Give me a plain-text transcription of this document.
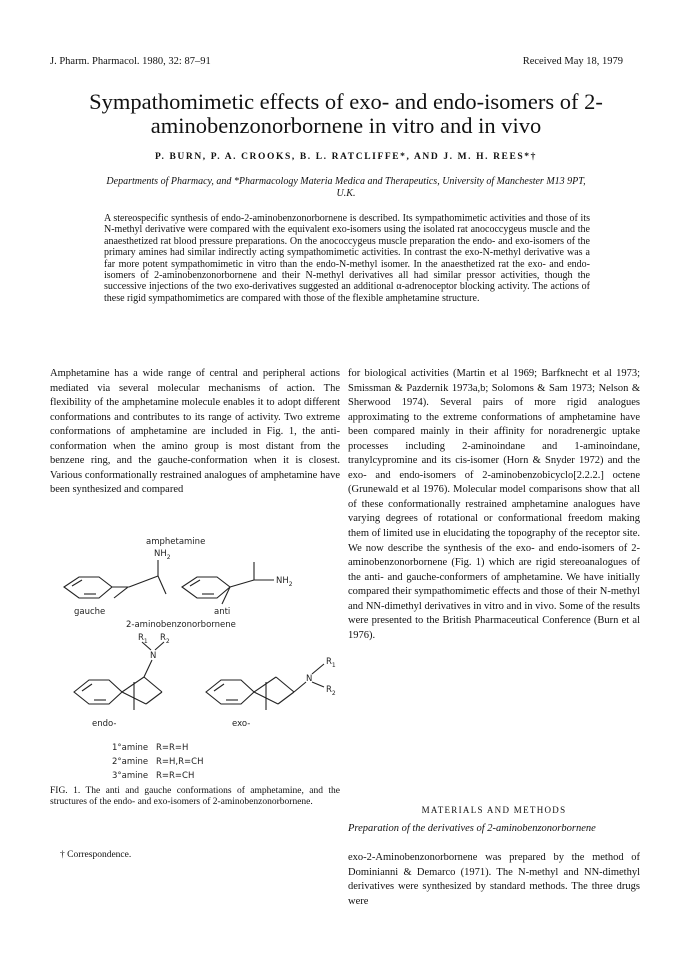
J. Pharm. Pharmacol. 1980, 32: 87–91	Received May 18, 1979
Sympathomimetic effects of exo- and endo-isomers of 2-aminobenzonorbornene in vitro and in vivo
P. BURN, P. A. CROOKS, B. L. RATCLIFFE*, AND J. M. H. REES*†
Departments of Pharmacy, and *Pharmacology Materia Medica and Therapeutics, University of Manchester M13 9PT, U.K.
A stereospecific synthesis of endo-2-aminobenzonorbornene is described. Its sympathomimetic activities and those of its N-methyl derivative were compared with the equivalent exo-isomers using the isolated rat anococcygeus muscle and the anaesthetized rat blood pressure preparations. On the anococcygeus muscle preparation the endo- and exo-isomers of the primary amines had similar indirectly acting sympathomimetic activities. In contrast the exo-N-methyl derivative was a far more potent sympathomimetic in vitro than the endo-N-methyl isomer. In the anaesthetized rat the exo- and endo-isomers of 2-aminobenzonorbornene and their N-methyl derivatives all had similar pressor activities, though the successive injections of the two exo-derivatives suggested an additional α-adrenoceptor blocking activity. The actions of these rigid sympathomimetics are compared with those of the flexible amphetamine structure.
Amphetamine has a wide range of central and peripheral actions mediated via several molecular mechanisms of action. The flexibility of the amphetamine molecule enables it to adopt different conformations and contributes to its range of activity. Two extreme conformations of amphetamine are included in Fig. 1, the anti-conformation when the amino group is most distant from the benzene ring, and the gauche-conformation when it is closest. Various conformationally restrained analogues of amphetamine have been synthesized and compared
for biological activities (Martin et al 1969; Barfknecht et al 1973; Smissman & Pazdernik 1973a,b; Solomons & Sam 1973; Nelson & Sherwood 1974). Several pairs of more rigid analogues approximating to the extreme conformations of amphetamine have been compared mainly in their affinity for noradrenergic uptake processes including 2-aminoindane and 1-aminoindane, tranylcypromine and its cis-isomer (Horn & Snyder 1972) and the exo- and endo-isomers of 2-aminobenzobicyclo[2.2.2.] octene (Grunewald et al 1976). Molecular model comparisons show that all of these conformationally restrained amphetamine analogues have varying degrees of rotational or conformational freedom making them of limited use in elucidating the topography of the receptor site. We now describe the synthesis of the exo- and endo-isomers of 2-aminobenzonorbornene (Fig. 1) which are rigid stereoanalogues of the anti- and gauche-conformers of amphetamine. We have initially compared their sympathomimetic effects and those of their N-methyl and NN-dimethyl derivatives in vitro and in vivo. Some of the results were presented to the British Pharmaceutical Conference (Burn et al 1976).
amphetamine
$NH_2$
gauche
$NH_2$
anti
2-aminobenzonorbornene
$R_1$ $R_2$
N
endo-
N
$R_1$
$R_2$
exo-
1°amine R=R=H
2°amine R=H,R=CH
3°amine R=R=CH
FIG. 1. The anti and gauche conformations of amphetamine, and the structures of the endo- and exo-isomers of 2-aminobenzonorbornene.
† Correspondence.
MATERIALS AND METHODS
Preparation of the derivatives of 2-aminobenzonorbornene
exo-2-Aminobenzonorbornene was prepared by the method of Dominianni & Demarco (1971). The N-methyl and NN-dimethyl derivatives were synthesized by standard methods. The three drugs were
